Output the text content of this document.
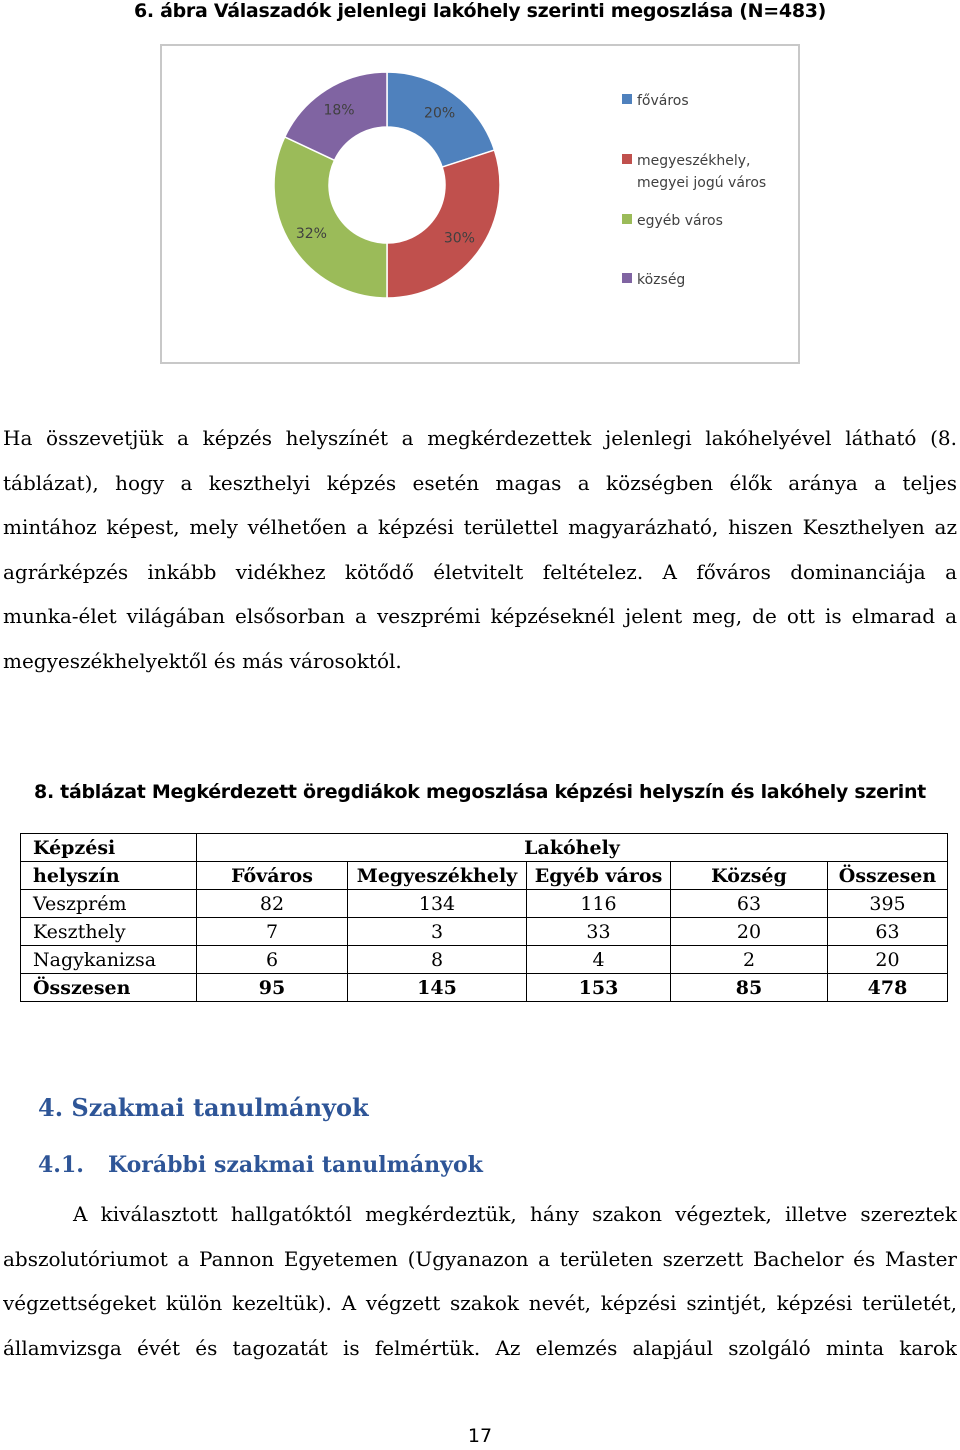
6. ábra Válaszadók jelenlegi lakóhely szerinti megoszlása (N=483)
20%
30%
32%
18%
főváros
megyeszékhely,
megyei jogú város
egyéb város
község
Ha összevetjük a képzés helyszínét a megkérdezettek jelenlegi lakóhelyével látható (8.
táblázat), hogy a keszthelyi képzés esetén magas a községben élők aránya a teljes
mintához képest, mely vélhetően a képzési területtel magyarázható, hiszen Keszthelyen az
agrárképzés inkább vidékhez kötődő életvitelt feltételez. A főváros dominanciája a
munka-élet világában elsősorban a veszprémi képzéseknél jelent meg, de ott is elmarad a
megyeszékhelyektől és más városoktól.
8. táblázat Megkérdezett öregdiákok megoszlása képzési helyszín és lakóhely szerint
Képzési	Lakóhely				
helyszín	Főváros	Megyeszékhely	Egyéb város	Község	Összesen
Veszprém	82	134	116	63	395
Keszthely	7	3	33	20	63
Nagykanizsa	6	8	4	2	20
Összesen	95	145	153	85	478
4. Szakmai tanulmányok
4.1. Korábbi szakmai tanulmányok
A kiválasztott hallgatóktól megkérdeztük, hány szakon végeztek, illetve szereztek
abszolutóriumot a Pannon Egyetemen (Ugyanazon a területen szerzett Bachelor és Master
végzettségeket külön kezeltük). A végzett szakok nevét, képzési szintjét, képzési területét,
államvizsga évét és tagozatát is felmértük. Az elemzés alapjául szolgáló minta karok
17
